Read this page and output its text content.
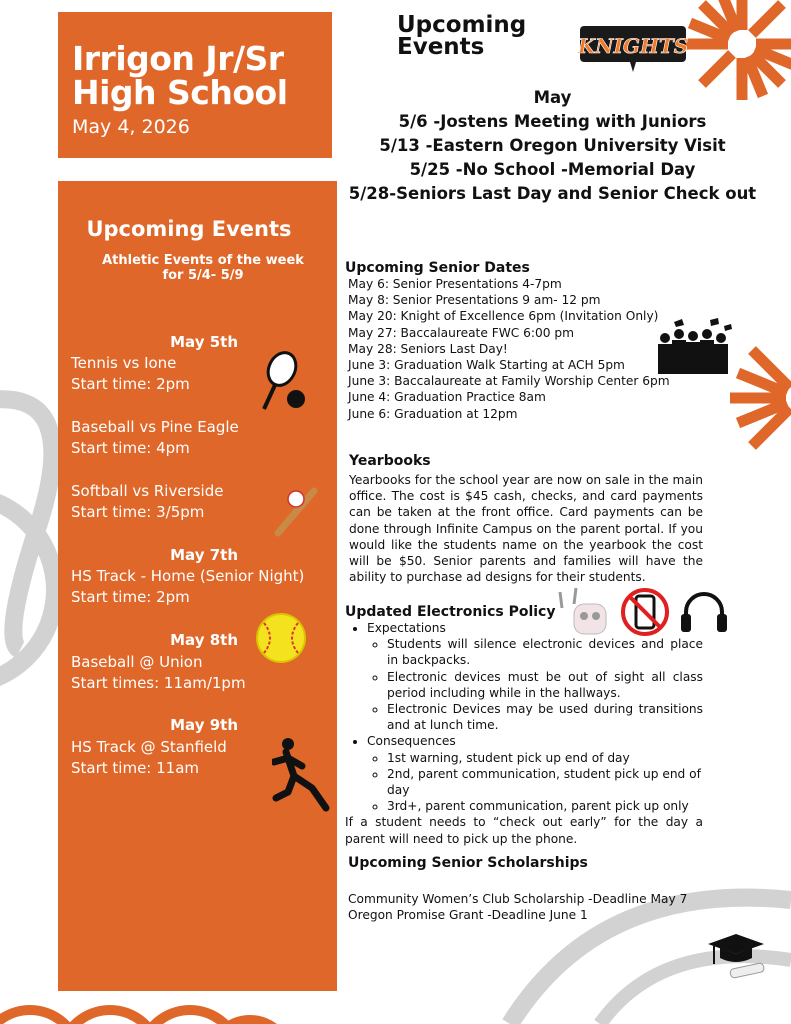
Irrigon Jr/Sr High School
May 4, 2026
Upcoming Events	KNIGHTS
May
5/6 -Jostens Meeting with Juniors
5/13 -Eastern Oregon University Visit
5/25 -No School -Memorial Day
5/28-Seniors Last Day and Senior Check out
Upcoming Events
Athletic Events of the week for 5/4- 5/9
May 5th
Tennis vs Ione
Start time: 2pm
Baseball vs Pine Eagle
Start time: 4pm
Softball vs Riverside
Start time: 3/5pm
May 7th
HS Track - Home (Senior Night)
Start time: 2pm
May 8th
Baseball @ Union
Start times: 11am/1pm
May 9th
HS Track @ Stanfield
Start time: 11am
Upcoming Senior Dates
May 6: Senior Presentations 4-7pm
May 8: Senior Presentations 9 am- 12 pm
May 20: Knight of Excellence 6pm (Invitation Only)
May 27: Baccalaureate FWC 6:00 pm
May 28: Seniors Last Day!
June 3: Graduation Walk Starting at ACH 5pm
June 3: Baccalaureate at Family Worship Center 6pm
June 4: Graduation Practice 8am
June 6: Graduation at 12pm
Yearbooks
Yearbooks for the school year are now on sale in the main office. The cost is $45 cash, checks, and card payments can be taken at the front office. Card payments can be done through Infinite Campus on the parent portal. If you would like the students name on the yearbook the cost will be $50. Senior parents and families will have the ability to purchase ad designs for their students.
Updated Electronics Policy
• Expectations
◦ Students will silence electronic devices and place in backpacks.
◦ Electronic devices must be out of sight all class period including while in the hallways.
◦ Electronic Devices may be used during transitions and at lunch time.
• Consequences
◦ 1st warning, student pick up end of day
◦ 2nd, parent communication, student pick up end of day
◦ 3rd+, parent communication, parent pick up only
If a student needs to “check out early” for the day a parent will need to pick up the phone.
Upcoming Senior Scholarships
Community Women’s Club Scholarship -Deadline May 7
Oregon Promise Grant -Deadline June 1
